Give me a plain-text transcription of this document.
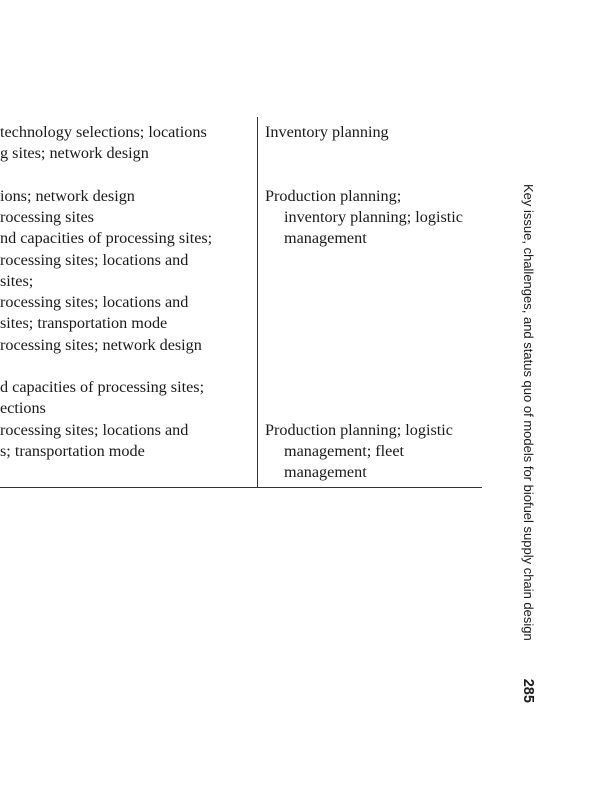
technology selections; locations
g sites; network design
ions; network design
rocessing sites
nd capacities of processing sites;
rocessing sites; locations and
sites;
rocessing sites; locations and
sites; transportation mode
rocessing sites; network design
d capacities of processing sites;
ections
rocessing sites; locations and
s; transportation mode
Inventory planning
Production planning;
inventory planning; logistic
management
Production planning; logistic
management; fleet
management	Key issue, challenges, and status quo of models for biofuel supply chain design
285
